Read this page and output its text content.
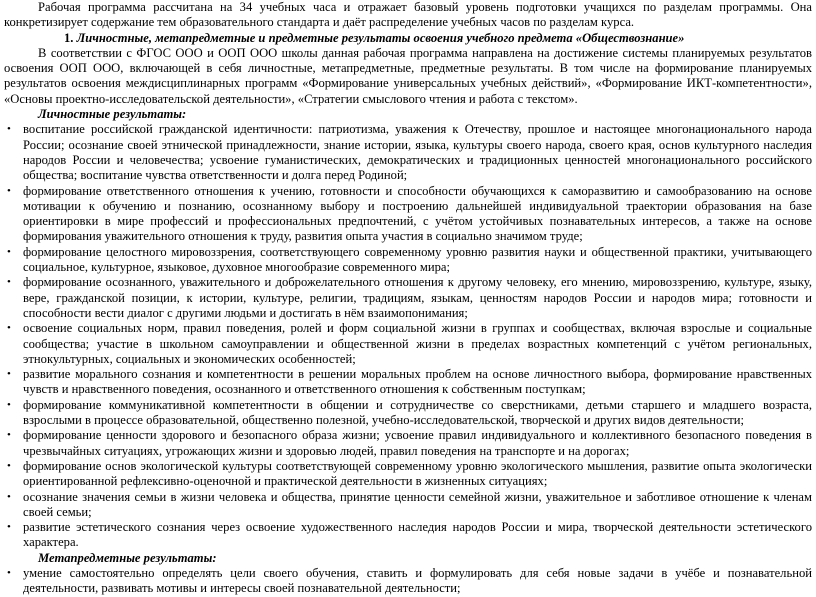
Рабочая программа рассчитана на 34 учебных часа и отражает базовый уровень подготовки учащихся по разделам программы. Она конкретизирует содержание тем образовательного стандарта и даёт распределение учебных часов по разделам курса.

1. Личностные, метапредметные и предметные результаты освоения учебного предмета «Обществознание»

В соответствии с ФГОС ООО и ООП ООО школы данная рабочая программа направлена на достижение системы планируемых результатов освоения ООП ООО, включающей в себя личностные, метапредметные, предметные результаты. В том числе на формирование планируемых результатов освоения междисциплинарных программ «Формирование универсальных учебных действий», «Формирование ИКТ-компетентности», «Основы проектно-исследовательской деятельности», «Стратегии смыслового чтения и работа с текстом».

Личностные результаты:

• воспитание российской гражданской идентичности: патриотизма, уважения к Отечеству, прошлое и настоящее многонационального народа России; осознание своей этнической принадлежности, знание истории, языка, культуры своего народа, своего края, основ культурного наследия народов России и человечества; усвоение гуманистических, демократических и традиционных ценностей многонационального российского общества; воспитание чувства ответственности и долга перед Родиной;
• формирование ответственного отношения к учению, готовности и способности обучающихся к саморазвитию и самообразованию на основе мотивации к обучению и познанию, осознанному выбору и построению дальнейшей индивидуальной траектории образования на базе ориентировки в мире профессий и профессиональных предпочтений, с учётом устойчивых познавательных интересов, а также на основе формирования уважительного отношения к труду, развития опыта участия в социально значимом труде;
• формирование целостного мировоззрения, соответствующего современному уровню развития науки и общественной практики, учитывающего социальное, культурное, языковое, духовное многообразие современного мира;
• формирование осознанного, уважительного и доброжелательного отношения к другому человеку, его мнению, мировоззрению, культуре, языку, вере, гражданской позиции, к истории, культуре, религии, традициям, языкам, ценностям народов России и народов мира; готовности и способности вести диалог с другими людьми и достигать в нём взаимопонимания;
• освоение социальных норм, правил поведения, ролей и форм социальной жизни в группах и сообществах, включая взрослые и социальные сообщества; участие в школьном самоуправлении и общественной жизни в пределах возрастных компетенций с учётом региональных, этнокультурных, социальных и экономических особенностей;
• развитие морального сознания и компетентности в решении моральных проблем на основе личностного выбора, формирование нравственных чувств и нравственного поведения, осознанного и ответственного отношения к собственным поступкам;
• формирование коммуникативной компетентности в общении и сотрудничестве со сверстниками, детьми старшего и младшего возраста, взрослыми в процессе образовательной, общественно полезной, учебно-исследовательской, творческой и других видов деятельности;
• формирование ценности здорового и безопасного образа жизни; усвоение правил индивидуального и коллективного безопасного поведения в чрезвычайных ситуациях, угрожающих жизни и здоровью людей, правил поведения на транспорте и на дорогах;
• формирование основ экологической культуры соответствующей современному уровню экологического мышления, развитие опыта экологически ориентированной рефлексивно-оценочной и практической деятельности в жизненных ситуациях;
• осознание значения семьи в жизни человека и общества, принятие ценности семейной жизни, уважительное и заботливое отношение к членам своей семьи;
• развитие эстетического сознания через освоение художественного наследия народов России и мира, творческой деятельности эстетического характера.

Метапредметные результаты:

• умение самостоятельно определять цели своего обучения, ставить и формулировать для себя новые задачи в учёбе и познавательной деятельности, развивать мотивы и интересы своей познавательной деятельности;
